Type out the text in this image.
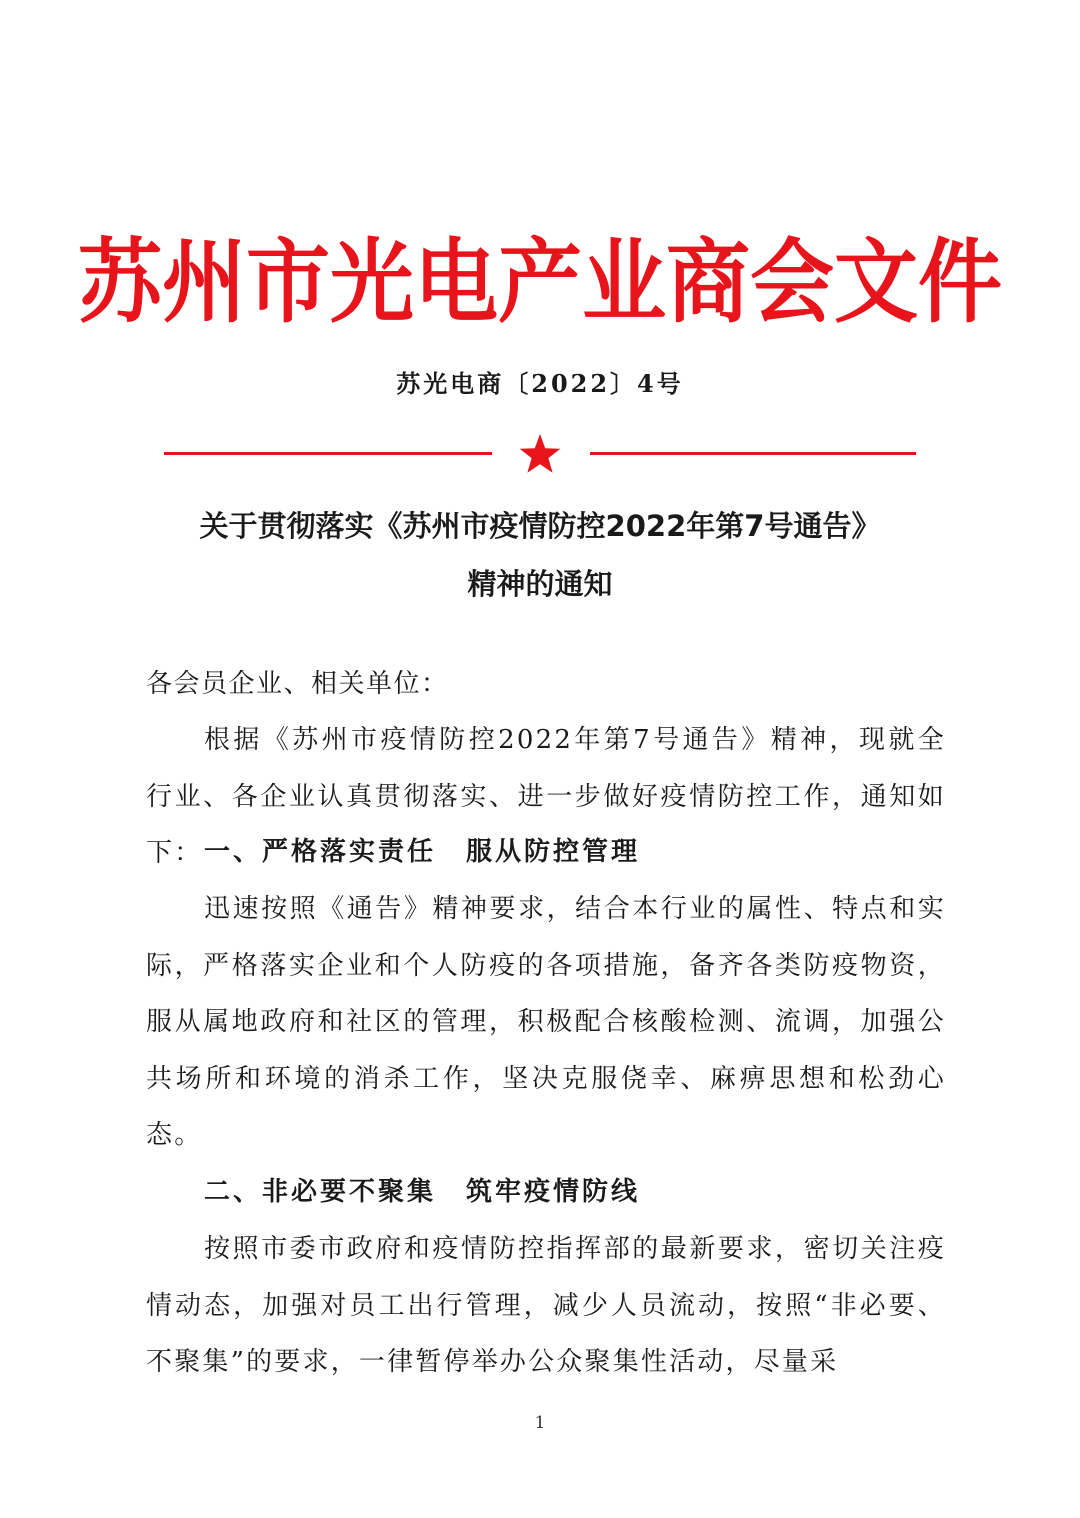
苏州市光电产业商会文件
苏光电商〔2022〕4号
关于贯彻落实《苏州市疫情防控2022年第7号通告》
精神的通知
各会员企业、相关单位：
根据《苏州市疫情防控2022年第7号通告》精神，现就全行业、各企业认真贯彻落实、进一步做好疫情防控工作，通知如下： 一、严格落实责任 服从防控管理
迅速按照《通告》精神要求，结合本行业的属性、特点和实际，严格落实企业和个人防疫的各项措施，备齐各类防疫物资，服从属地政府和社区的管理，积极配合核酸检测、流调，加强公共场所和环境的消杀工作，坚决克服侥幸、麻痹思想和松劲心态。
二、非必要不聚集 筑牢疫情防线
按照市委市政府和疫情防控指挥部的最新要求，密切关注疫情动态，加强对员工出行管理，减少人员流动，按照“非必要、不聚集”的要求，一律暂停举办公众聚集性活动，尽量采
1
